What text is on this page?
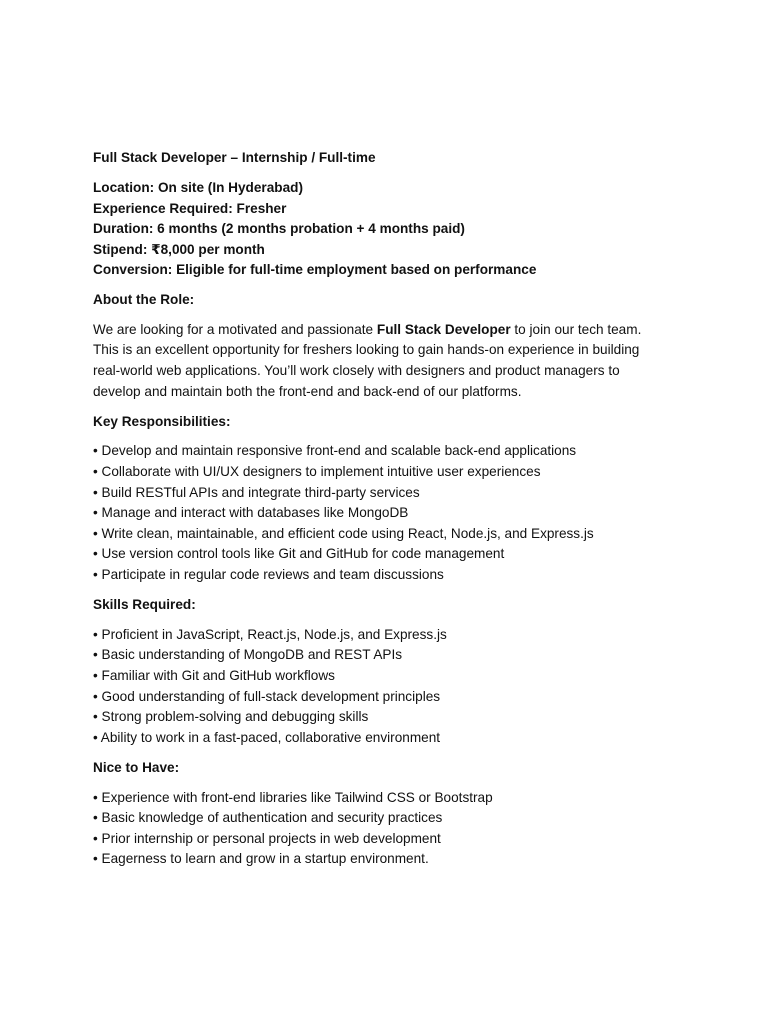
Full Stack Developer – Internship / Full-time
Location: On site (In Hyderabad)
Experience Required: Fresher
Duration: 6 months (2 months probation + 4 months paid)
Stipend: ₹8,000 per month
Conversion: Eligible for full-time employment based on performance
About the Role:
We are looking for a motivated and passionate Full Stack Developer to join our tech team.
This is an excellent opportunity for freshers looking to gain hands-on experience in building
real-world web applications. You’ll work closely with designers and product managers to
develop and maintain both the front-end and back-end of our platforms.
Key Responsibilities:
• Develop and maintain responsive front-end and scalable back-end applications
• Collaborate with UI/UX designers to implement intuitive user experiences
• Build RESTful APIs and integrate third-party services
• Manage and interact with databases like MongoDB
• Write clean, maintainable, and efficient code using React, Node.js, and Express.js
• Use version control tools like Git and GitHub for code management
• Participate in regular code reviews and team discussions
Skills Required:
• Proficient in JavaScript, React.js, Node.js, and Express.js
• Basic understanding of MongoDB and REST APIs
• Familiar with Git and GitHub workflows
• Good understanding of full-stack development principles
• Strong problem-solving and debugging skills
• Ability to work in a fast-paced, collaborative environment
Nice to Have:
• Experience with front-end libraries like Tailwind CSS or Bootstrap
• Basic knowledge of authentication and security practices
• Prior internship or personal projects in web development
• Eagerness to learn and grow in a startup environment.
